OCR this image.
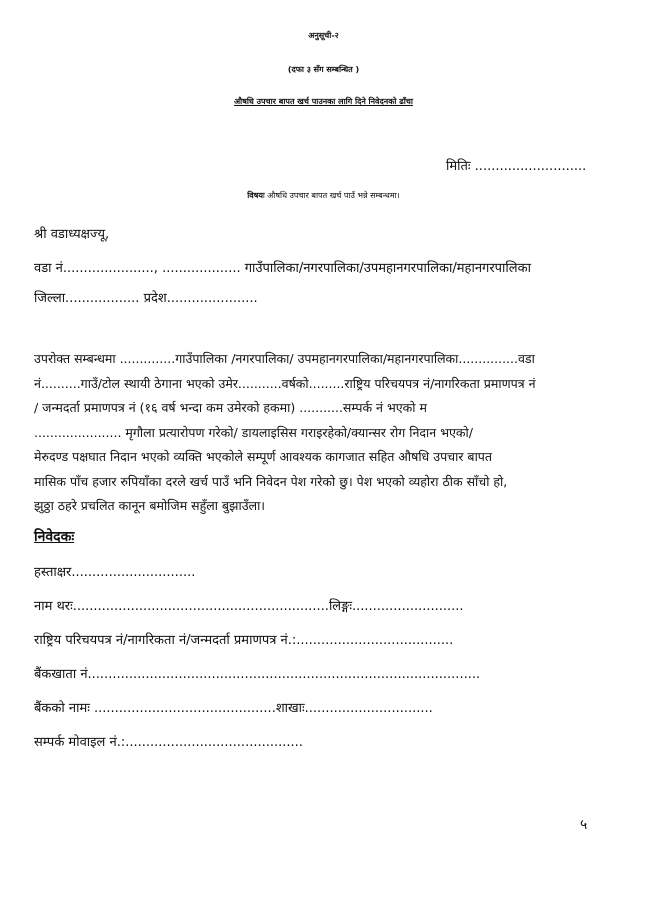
अनुसूची-२
(दफा ३ सँग सम्बन्धित )
औषधि उपचार बापत खर्च पाउनका लागि दिने निवेदनको ढाँचा
मितिः ...........................
विषयः औषधि उपचार बापत खर्च पाउँ भन्ने सम्बन्धमा।
श्री वडाध्यक्षज्यू,
वडा नं......................, ................... गाउँपालिका/नगरपालिका/उपमहानगरपालिका/महानगरपालिका
जिल्ला.................. प्रदेश......................
उपरोक्त सम्बन्धमा ..............गाउँपालिका /नगरपालिका/ उपमहानगरपालिका/महानगरपालिका...............वडा
नं..........गाउँ/टोल स्थायी ठेगाना भएको उमेर...........वर्षको.........राष्ट्रिय परिचयपत्र नं/नागरिकता प्रमाणपत्र नं
/ जन्मदर्ता प्रमाणपत्र नं (१६ वर्ष भन्दा कम उमेरको हकमा) ...........सम्पर्क नं भएको म
...................... मृगौला प्रत्यारोपण गरेको/ डायलाइसिस गराइरहेको/क्यान्सर रोग निदान भएको/
मेरुदण्ड पक्षघात निदान भएको व्यक्ति भएकोले सम्पूर्ण आवश्यक कागजात सहित औषधि उपचार बापत
मासिक पाँच हजार रुपियाँका दरले खर्च पाउँ भनि निवेदन पेश गरेको छु। पेश भएको व्यहोरा ठीक साँचो हो,
झुठ्ठा ठहरे प्रचलित कानून बमोजिम सहुँला बुझाउँला।
निवेदकः
हस्ताक्षर..............................
नाम थरः..............................................................लिङ्गः...........................
राष्ट्रिय परिचयपत्र नं/नागरिकता नं/जन्मदर्ता प्रमाणपत्र नं.:......................................
बैंकखाता नं...............................................................................................
बैंकको नामः ............................................शाखाः...............................
सम्पर्क मोवाइल नं.:...........................................
५
